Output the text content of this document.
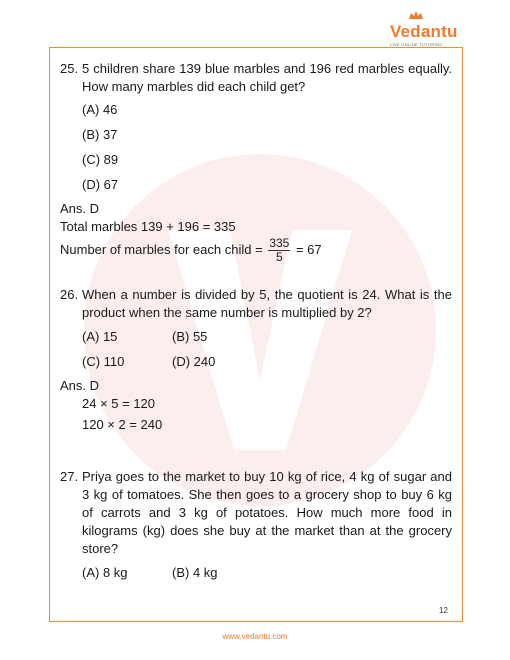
Vedantu
LIVE ONLINE TUTORING
25. 5 children share 139 blue marbles and 196 red marbles equally. How many marbles did each child get?
(A) 46
(B) 37
(C) 89
(D) 67
Ans. D
Total marbles 139 + 196 = 335
Number of marbles for each child = $\frac{335}{5} = 67$
26. When a number is divided by 5, the quotient is 24. What is the product when the same number is multiplied by 2?
(A) 15	(B) 55
(C) 110	(D) 240
Ans. D
24 × 5 = 120
120 × 2 = 240
27. Priya goes to the market to buy 10 kg of rice, 4 kg of sugar and 3 kg of tomatoes. She then goes to a grocery shop to buy 6 kg of carrots and 3 kg of potatoes. How much more food in kilograms (kg) does she buy at the market than at the grocery store?
(A) 8 kg	(B) 4 kg
12
www.vedantu.com
